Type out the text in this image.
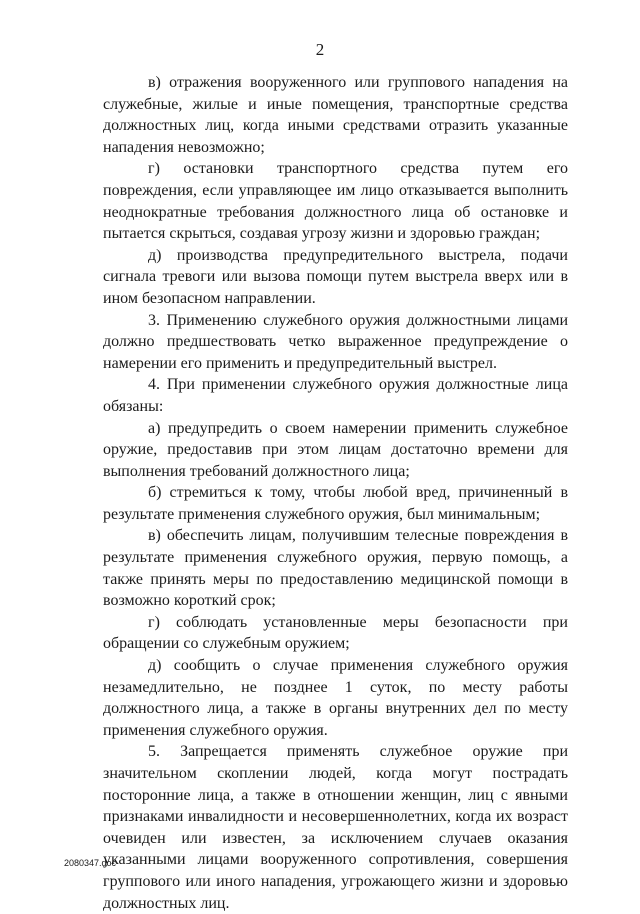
2

в) отражения вооруженного или группового нападения на служебные, жилые и иные помещения, транспортные средства должностных лиц, когда иными средствами отразить указанные нападения невозможно;

г) остановки транспортного средства путем его повреждения, если управляющее им лицо отказывается выполнить неоднократные требования должностного лица об остановке и пытается скрыться, создавая угрозу жизни и здоровью граждан;

д) производства предупредительного выстрела, подачи сигнала тревоги или вызова помощи путем выстрела вверх или в ином безопасном направлении.

3. Применению служебного оружия должностными лицами должно предшествовать четко выраженное предупреждение о намерении его применить и предупредительный выстрел.

4. При применении служебного оружия должностные лица обязаны:

а) предупредить о своем намерении применить служебное оружие, предоставив при этом лицам достаточно времени для выполнения требований должностного лица;

б) стремиться к тому, чтобы любой вред, причиненный в результате применения служебного оружия, был минимальным;

в) обеспечить лицам, получившим телесные повреждения в результате применения служебного оружия, первую помощь, а также принять меры по предоставлению медицинской помощи в возможно короткий срок;

г) соблюдать установленные меры безопасности при обращении со служебным оружием;

д) сообщить о случае применения служебного оружия незамедлительно, не позднее 1 суток, по месту работы должностного лица, а также в органы внутренних дел по месту применения служебного оружия.

5. Запрещается применять служебное оружие при значительном скоплении людей, когда могут пострадать посторонние лица, а также в отношении женщин, лиц с явными признаками инвалидности и несовершеннолетних, когда их возраст очевиден или известен, за исключением случаев оказания указанными лицами вооруженного сопротивления, совершения группового или иного нападения, угрожающего жизни и здоровью должностных лиц.

2080347.doc
